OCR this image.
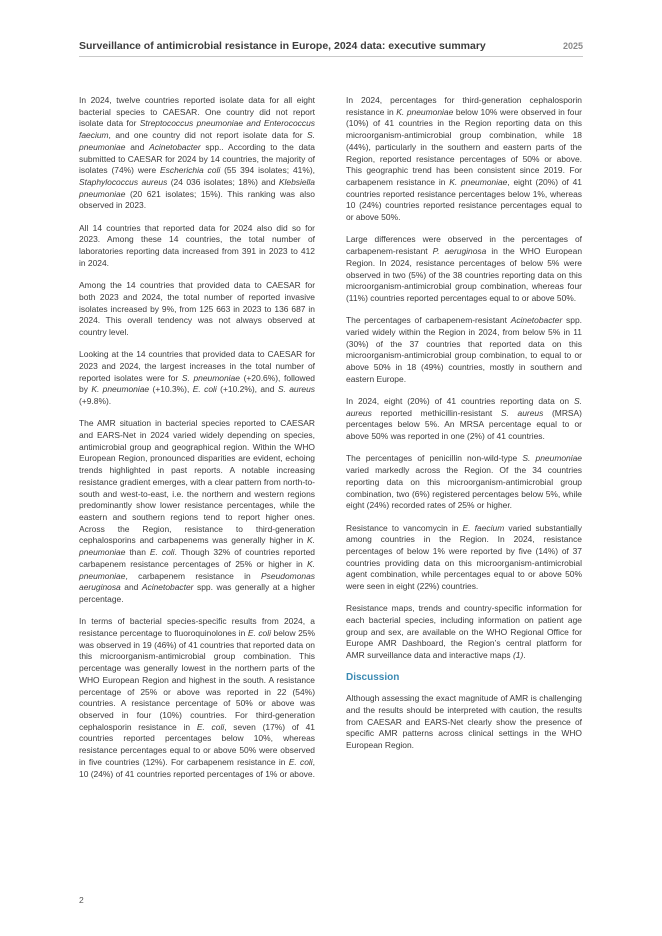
Surveillance of antimicrobial resistance in Europe, 2024 data: executive summary	2025

In 2024, twelve countries reported isolate data for all eight bacterial species to CAESAR. One country did not report isolate data for Streptococcus pneumoniae and Enterococcus faecium, and one country did not report isolate data for S. pneumoniae and Acinetobacter spp.. According to the data submitted to CAESAR for 2024 by 14 countries, the majority of isolates (74%) were Escherichia coli (55 394 isolates; 41%), Staphylococcus aureus (24 036 isolates; 18%) and Klebsiella pneumoniae (20 621 isolates; 15%). This ranking was also observed in 2023.

All 14 countries that reported data for 2024 also did so for 2023. Among these 14 countries, the total number of laboratories reporting data increased from 391 in 2023 to 412 in 2024.

Among the 14 countries that provided data to CAESAR for both 2023 and 2024, the total number of reported invasive isolates increased by 9%, from 125 663 in 2023 to 136 687 in 2024. This overall tendency was not always observed at country level.

Looking at the 14 countries that provided data to CAESAR for 2023 and 2024, the largest increases in the total number of reported isolates were for S. pneumoniae (+20.6%), followed by K. pneumoniae (+10.3%), E. coli (+10.2%), and S. aureus (+9.8%).

The AMR situation in bacterial species reported to CAESAR and EARS-Net in 2024 varied widely depending on species, antimicrobial group and geographical region. Within the WHO European Region, pronounced disparities are evident, echoing trends highlighted in past reports. A notable increasing resistance gradient emerges, with a clear pattern from north-to-south and west-to-east, i.e. the northern and western regions predominantly show lower resistance percentages, while the eastern and southern regions tend to report higher ones. Across the Region, resistance to third-generation cephalosporins and carbapenems was generally higher in K. pneumoniae than E. coli. Though 32% of countries reported carbapenem resistance percentages of 25% or higher in K. pneumoniae, carbapenem resistance in Pseudomonas aeruginosa and Acinetobacter spp. was generally at a higher percentage.

In terms of bacterial species-specific results from 2024, a resistance percentage to fluoroquinolones in E. coli below 25% was observed in 19 (46%) of 41 countries that reported data on this microorganism-antimicrobial group combination. This percentage was generally lowest in the northern parts of the WHO European Region and highest in the south. A resistance percentage of 25% or above was reported in 22 (54%) countries. A resistance percentage of 50% or above was observed in four (10%) countries. For third-generation cephalosporin resistance in E. coli, seven (17%) of 41 countries reported percentages below 10%, whereas resistance percentages equal to or above 50% were observed in five countries (12%). For carbapenem resistance in E. coli, 10 (24%) of 41 countries reported percentages of 1% or above.

In 2024, percentages for third-generation cephalosporin resistance in K. pneumoniae below 10% were observed in four (10%) of 41 countries in the Region reporting data on this microorganism-antimicrobial group combination, while 18 (44%), particularly in the southern and eastern parts of the Region, reported resistance percentages of 50% or above. This geographic trend has been consistent since 2019. For carbapenem resistance in K. pneumoniae, eight (20%) of 41 countries reported resistance percentages below 1%, whereas 10 (24%) countries reported resistance percentages equal to or above 50%.

Large differences were observed in the percentages of carbapenem-resistant P. aeruginosa in the WHO European Region. In 2024, resistance percentages of below 5% were observed in two (5%) of the 38 countries reporting data on this microorganism-antimicrobial group combination, whereas four (11%) countries reported percentages equal to or above 50%.

The percentages of carbapenem-resistant Acinetobacter spp. varied widely within the Region in 2024, from below 5% in 11 (30%) of the 37 countries that reported data on this microorganism-antimicrobial group combination, to equal to or above 50% in 18 (49%) countries, mostly in southern and eastern Europe.

In 2024, eight (20%) of 41 countries reporting data on S. aureus reported methicillin-resistant S. aureus (MRSA) percentages below 5%. An MRSA percentage equal to or above 50% was reported in one (2%) of 41 countries.

The percentages of penicillin non-wild-type S. pneumoniae varied markedly across the Region. Of the 34 countries reporting data on this microorganism-antimicrobial group combination, two (6%) registered percentages below 5%, while eight (24%) recorded rates of 25% or higher.

Resistance to vancomycin in E. faecium varied substantially among countries in the Region. In 2024, resistance percentages of below 1% were reported by five (14%) of 37 countries providing data on this microorganism-antimicrobial agent combination, while percentages equal to or above 50% were seen in eight (22%) countries.

Resistance maps, trends and country-specific information for each bacterial species, including information on patient age group and sex, are available on the WHO Regional Office for Europe AMR Dashboard, the Region’s central platform for AMR surveillance data and interactive maps (1).

Discussion

Although assessing the exact magnitude of AMR is challenging and the results should be interpreted with caution, the results from CAESAR and EARS-Net clearly show the presence of specific AMR patterns across clinical settings in the WHO European Region.

2
